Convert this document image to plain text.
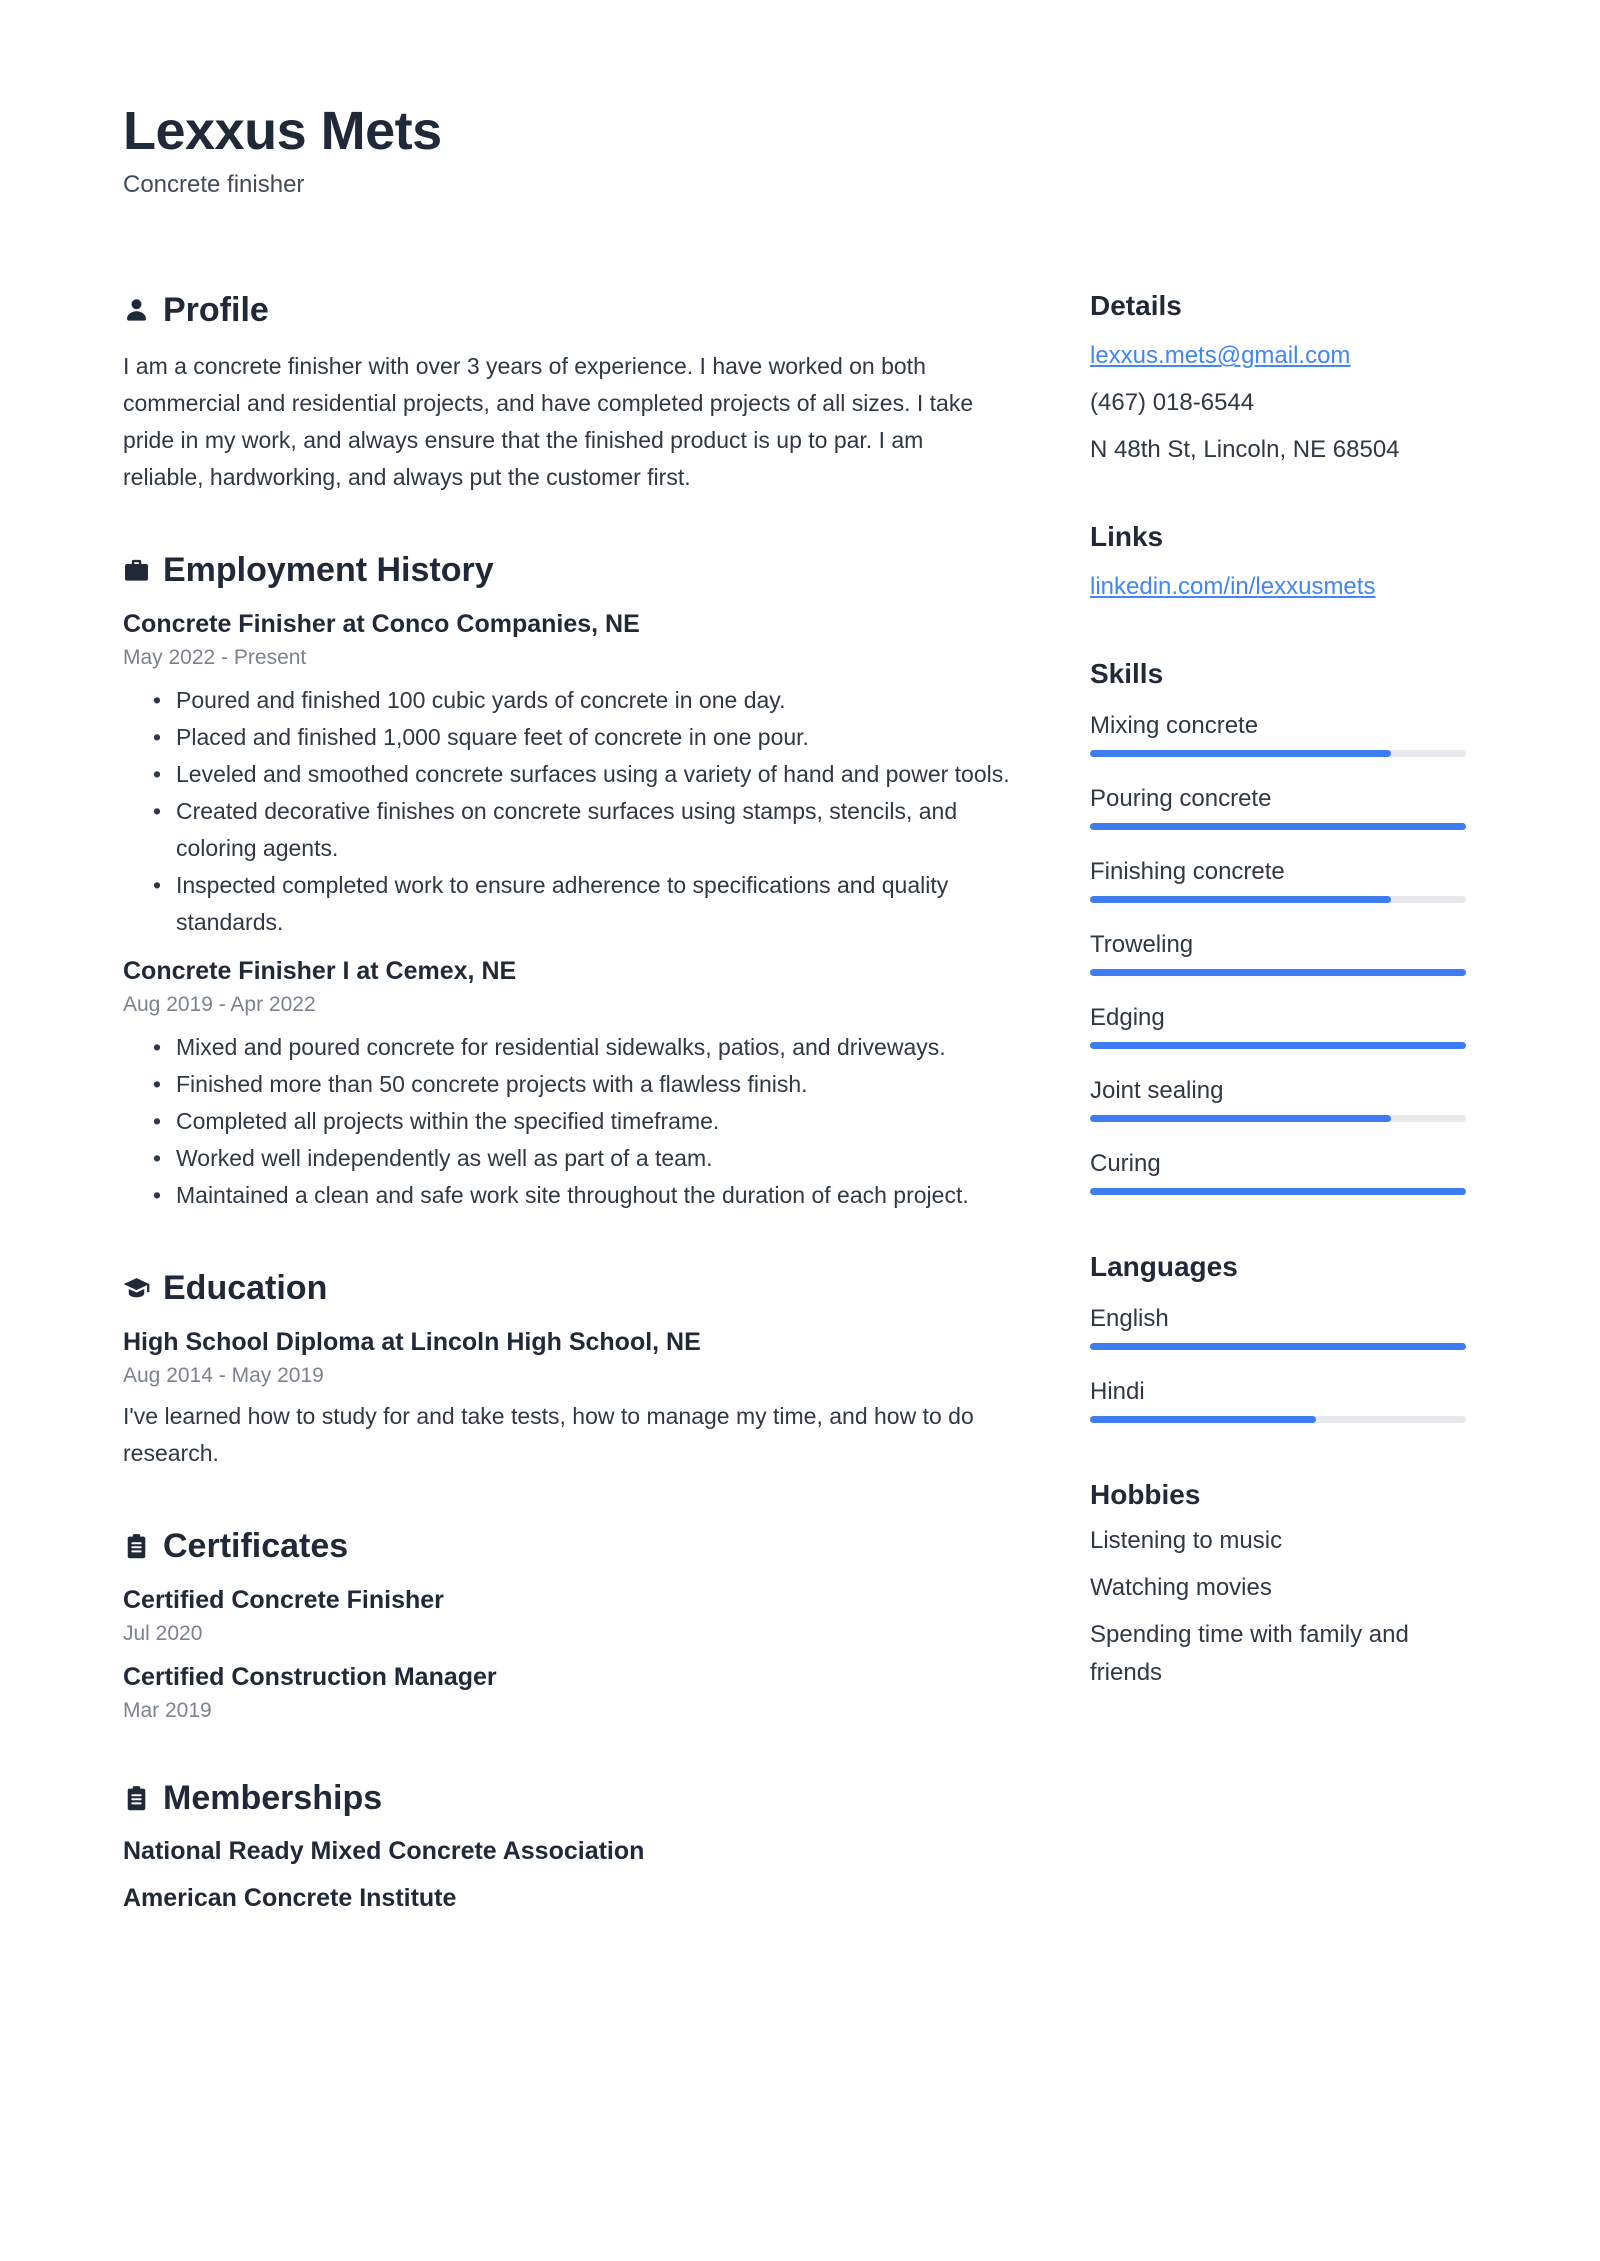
Lexxus Mets
Concrete finisher
Profile
I am a concrete finisher with over 3 years of experience. I have worked on both commercial and residential projects, and have completed projects of all sizes. I take pride in my work, and always ensure that the finished product is up to par. I am reliable, hardworking, and always put the customer first.
Employment History
Concrete Finisher at Conco Companies, NE
May 2022 - Present
• Poured and finished 100 cubic yards of concrete in one day.
• Placed and finished 1,000 square feet of concrete in one pour.
• Leveled and smoothed concrete surfaces using a variety of hand and power tools.
• Created decorative finishes on concrete surfaces using stamps, stencils, and coloring agents.
• Inspected completed work to ensure adherence to specifications and quality standards.
Concrete Finisher I at Cemex, NE
Aug 2019 - Apr 2022
• Mixed and poured concrete for residential sidewalks, patios, and driveways.
• Finished more than 50 concrete projects with a flawless finish.
• Completed all projects within the specified timeframe.
• Worked well independently as well as part of a team.
• Maintained a clean and safe work site throughout the duration of each project.
Education
High School Diploma at Lincoln High School, NE
Aug 2014 - May 2019
I've learned how to study for and take tests, how to manage my time, and how to do research.
Certificates
Certified Concrete Finisher
Jul 2020
Certified Construction Manager
Mar 2019
Memberships
National Ready Mixed Concrete Association
American Concrete Institute
Details
lexxus.mets@gmail.com
(467) 018-6544
N 48th St, Lincoln, NE 68504
Links
linkedin.com/in/lexxusmets
Skills
Mixing concrete
Pouring concrete
Finishing concrete
Troweling
Edging
Joint sealing
Curing
Languages
English
Hindi
Hobbies
Listening to music
Watching movies
Spending time with family and friends
